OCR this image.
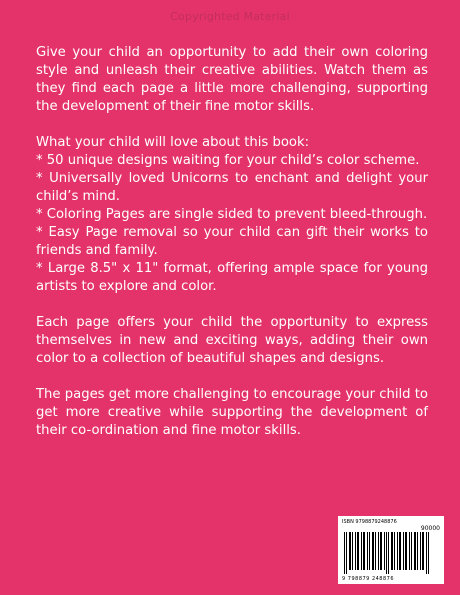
Copyrighted Material

Give your child an opportunity to add their own coloring style and unleash their creative abilities. Watch them as they find each page a little more challenging, supporting the development of their fine motor skills.

What your child will love about this book:

* 50 unique designs waiting for your child’s color scheme.

* Universally loved Unicorns to enchant and delight your child’s mind.

* Coloring Pages are single sided to prevent bleed-through.

* Easy Page removal so your child can gift their works to friends and family.

* Large 8.5" x 11" format, offering ample space for young artists to explore and color.

Each page offers your child the opportunity to express themselves in new and exciting ways, adding their own color to a collection of beautiful shapes and designs.

The pages get more challenging to encourage your child to get more creative while supporting the development of their co-ordination and fine motor skills.

ISBN 9798879248876
90000
9 798879 248876
